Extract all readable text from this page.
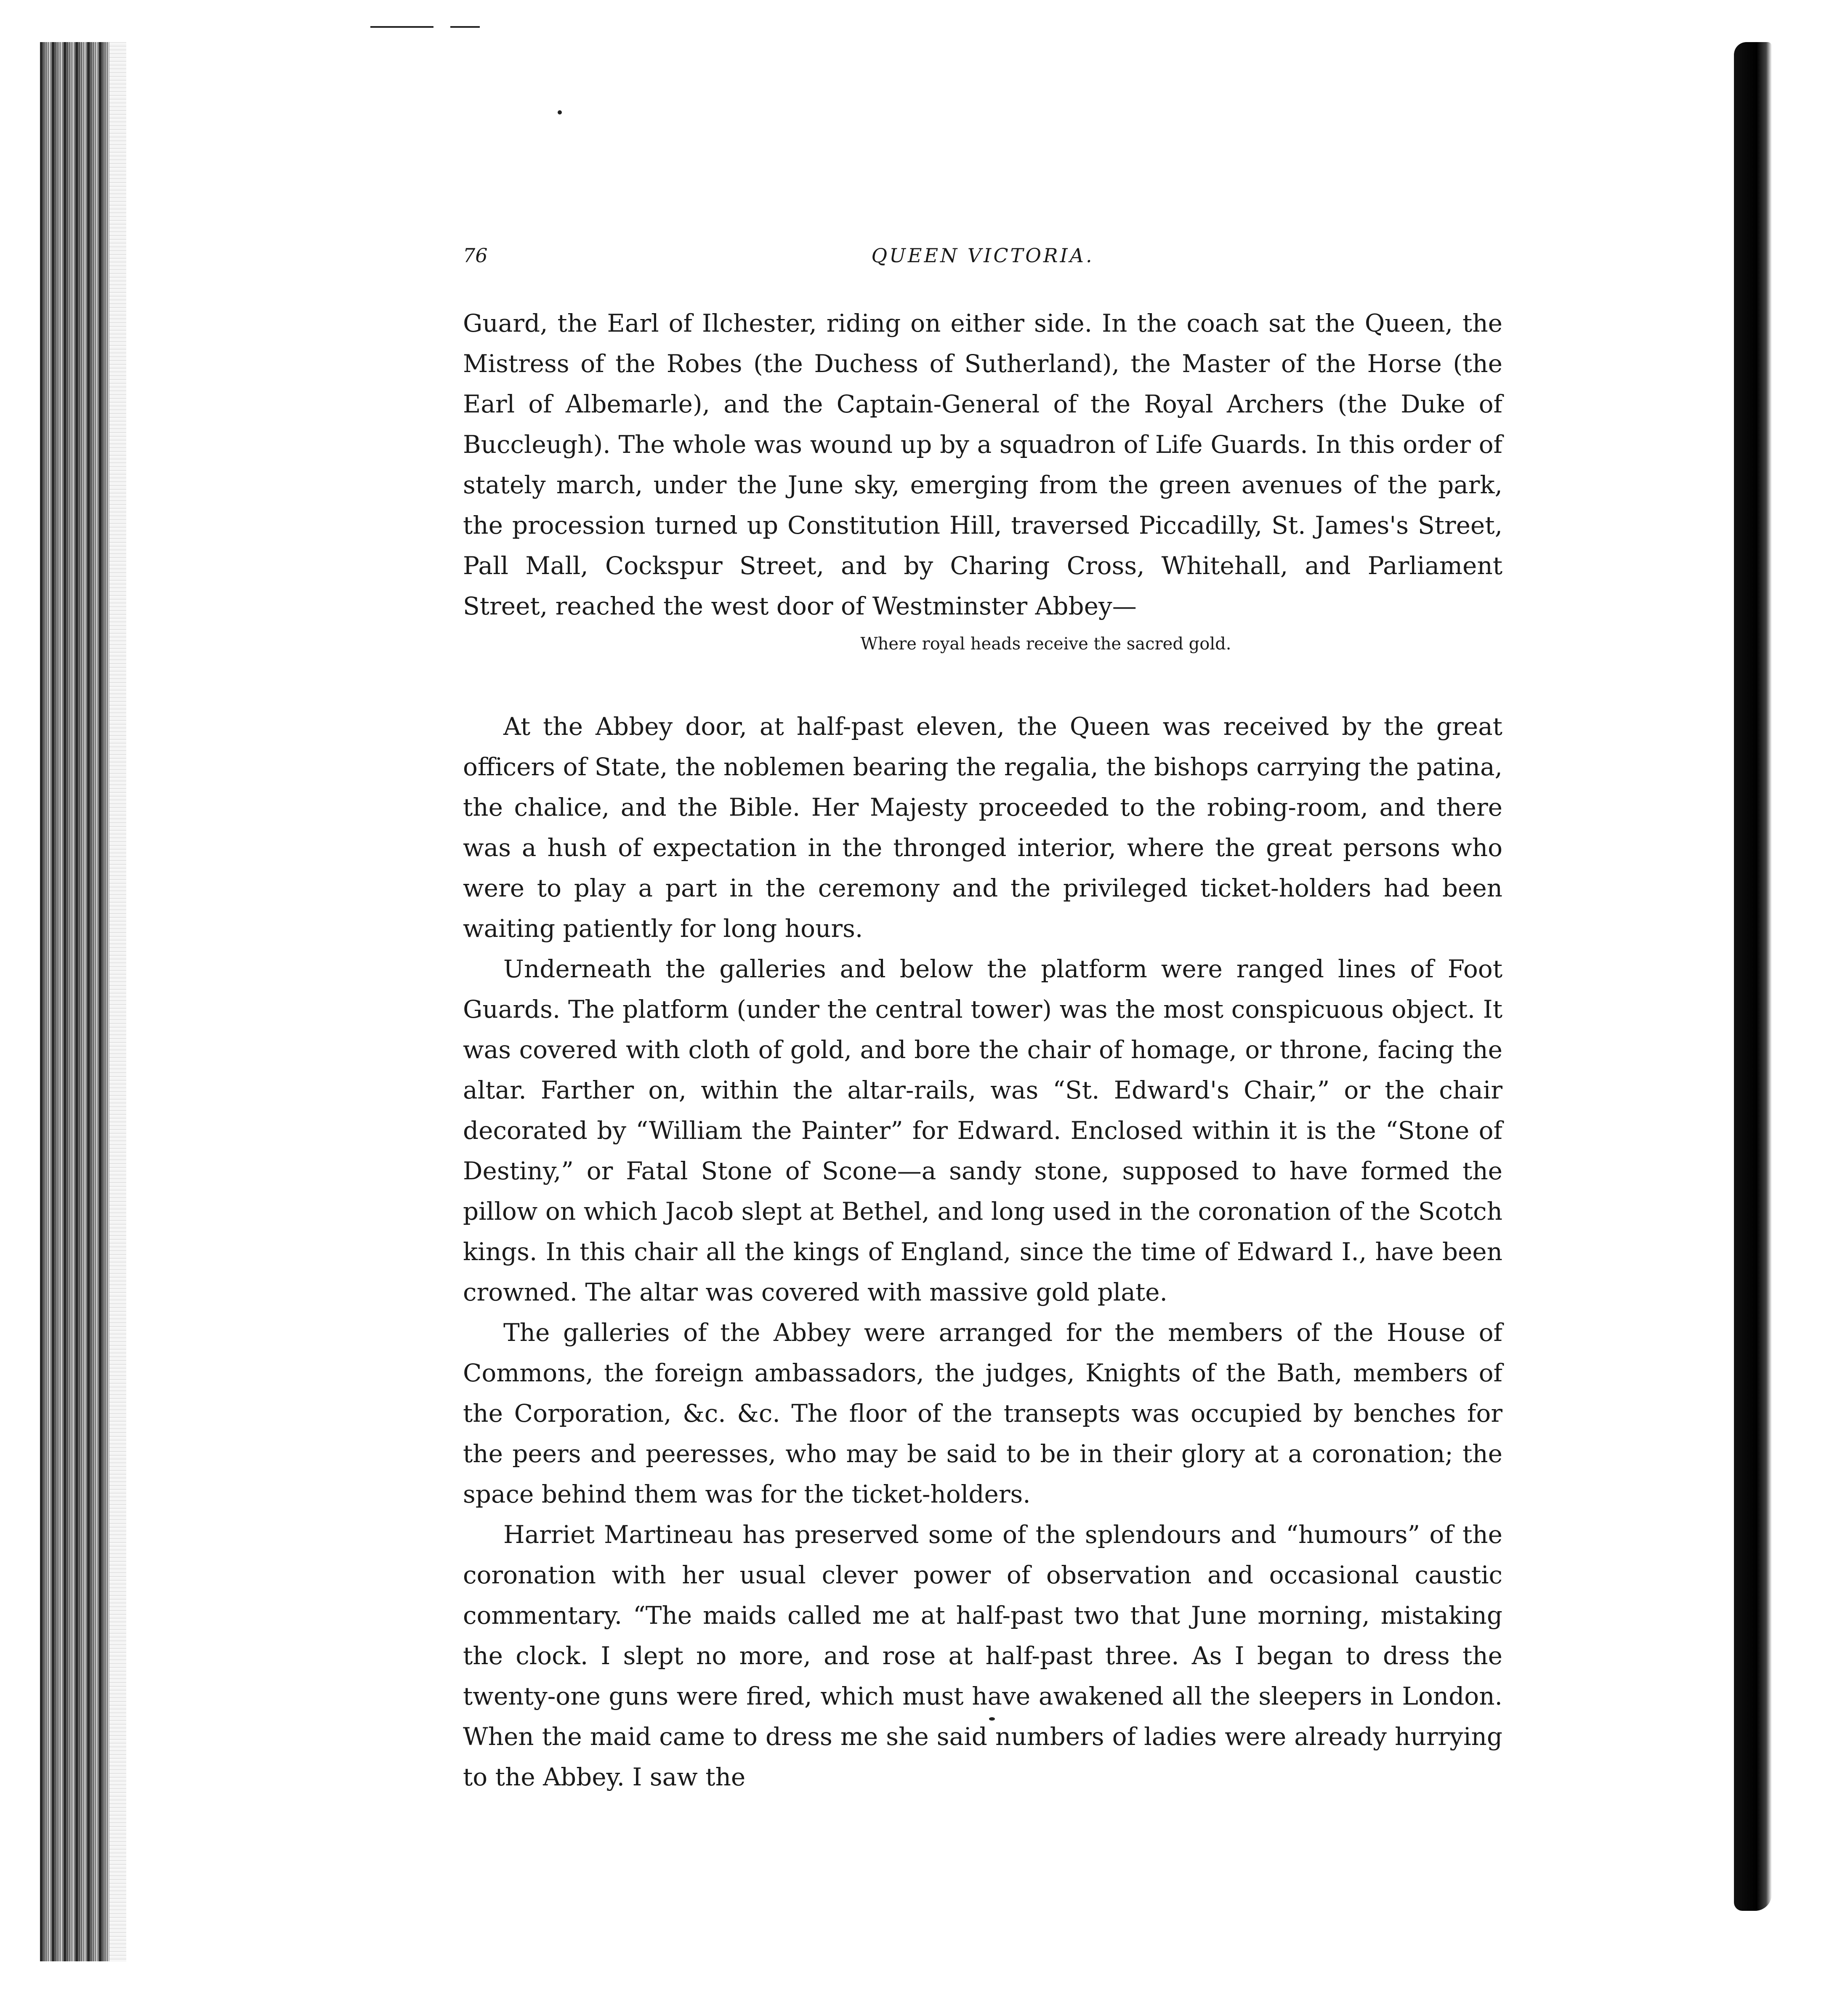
76	QUEEN VICTORIA.

Guard, the Earl of Ilchester, riding on either side. In the coach sat the Queen, the Mistress of the Robes (the Duchess of Sutherland), the Master of the Horse (the Earl of Albemarle), and the Captain-General of the Royal Archers (the Duke of Buccleugh). The whole was wound up by a squadron of Life Guards. In this order of stately march, under the June sky, emerging from the green avenues of the park, the procession turned up Constitution Hill, traversed Piccadilly, St. James's Street, Pall Mall, Cockspur Street, and by Charing Cross, Whitehall, and Parliament Street, reached the west door of Westminster Abbey—

Where royal heads receive the sacred gold.

At the Abbey door, at half-past eleven, the Queen was received by the great officers of State, the noblemen bearing the regalia, the bishops carrying the patina, the chalice, and the Bible. Her Majesty proceeded to the robing-room, and there was a hush of expectation in the thronged interior, where the great persons who were to play a part in the ceremony and the privileged ticket-holders had been waiting patiently for long hours.

Underneath the galleries and below the platform were ranged lines of Foot Guards. The platform (under the central tower) was the most conspicuous object. It was covered with cloth of gold, and bore the chair of homage, or throne, facing the altar. Farther on, within the altar-rails, was “St. Edward's Chair,” or the chair decorated by “William the Painter” for Edward. Enclosed within it is the “Stone of Destiny,” or Fatal Stone of Scone—a sandy stone, supposed to have formed the pillow on which Jacob slept at Bethel, and long used in the coronation of the Scotch kings. In this chair all the kings of England, since the time of Edward I., have been crowned. The altar was covered with massive gold plate.

The galleries of the Abbey were arranged for the members of the House of Commons, the foreign ambassadors, the judges, Knights of the Bath, members of the Corporation, &c. &c. The floor of the transepts was occupied by benches for the peers and peeresses, who may be said to be in their glory at a coronation; the space behind them was for the ticket-holders.

Harriet Martineau has preserved some of the splendours and “humours” of the coronation with her usual clever power of observation and occasional caustic commentary. “The maids called me at half-past two that June morning, mistaking the clock. I slept no more, and rose at half-past three. As I began to dress the twenty-one guns were fired, which must have awakened all the sleepers in London. When the maid came to dress me she said numbers of ladies were already hurrying to the Abbey. I saw the
